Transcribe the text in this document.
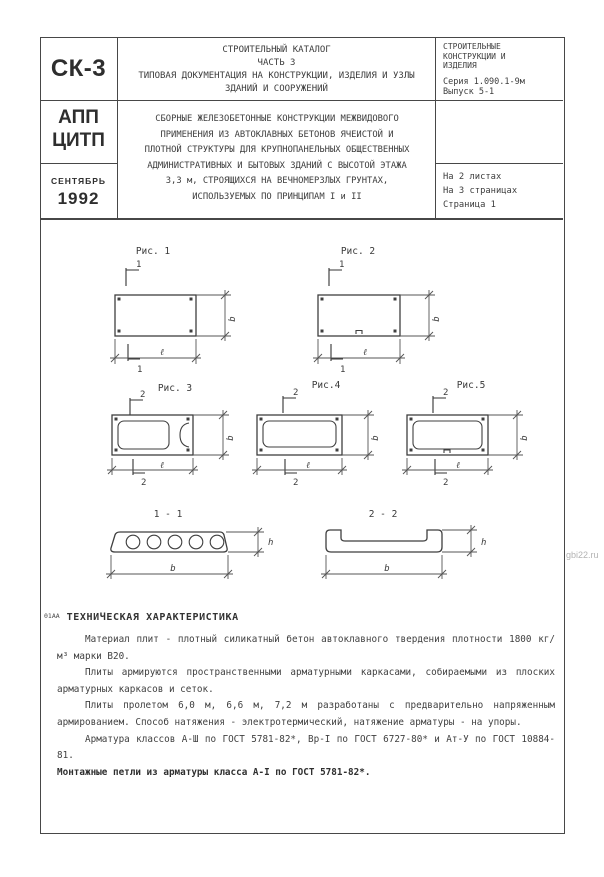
СК-3
СТРОИТЕЛЬНЫЙ КАТАЛОГ
ЧАСТЬ 3
ТИПОВАЯ ДОКУМЕНТАЦИЯ НА КОНСТРУКЦИИ, ИЗДЕЛИЯ И УЗЛЫ
ЗДАНИЙ И СООРУЖЕНИЙ
СТРОИТЕЛЬНЫЕ
КОНСТРУКЦИИ И
ИЗДЕЛИЯ
Серия 1.090.1-9м
Выпуск 5-1
АПП
ЦИТП
СЕНТЯБРЬ
1992
СБОРНЫЕ ЖЕЛЕЗОБЕТОННЫЕ КОНСТРУКЦИИ МЕЖВИДОВОГО
ПРИМЕНЕНИЯ ИЗ АВТОКЛАВНЫХ БЕТОНОВ ЯЧЕИСТОЙ И
ПЛОТНОЙ СТРУКТУРЫ ДЛЯ КРУПНОПАНЕЛЬНЫХ ОБЩЕСТВЕННЫХ
АДМИНИСТРАТИВНЫХ И БЫТОВЫХ ЗДАНИЙ С ВЫСОТОЙ ЭТАЖА
3,3 м, СТРОЯЩИХСЯ НА ВЕЧНОМЕРЗЛЫХ ГРУНТАХ,
ИСПОЛЬЗУЕМЫХ ПО ПРИНЦИПАМ I и II
На 2 листах
На 3 страницах
Страница 1
Рис. 1
1
b
1
ℓ
Рис. 2
1
b
1
ℓ
Рис. 3
2
b
2
ℓ
Рис.4
2
b
2
ℓ
Рис.5
2
b
2
ℓ
1 - 1
h
b
2 - 2
h
b
$^{01АА}$ ТЕХНИЧЕСКАЯ ХАРАКТЕРИСТИКА

Материал плит - плотный силикатный бетон автоклавного твердения плотности 1800 кг/м³ марки В20.

Плиты армируются пространственными арматурными каркасами, собираемыми из плоских арматурных каркасов и сеток.

Плиты пролетом 6,0 м, 6,6 м, 7,2 м разработаны с предварительно напряженным армированием. Способ натяжения - электротермический, натяжение арматуры - на упоры.

Арматура классов А-Ш по ГОСТ 5781-82*, Вр-I по ГОСТ 6727-80* и Ат-У по ГОСТ 10884-81.

Монтажные петли из арматуры класса А-I по ГОСТ 5781-82*.

gbi22.ru
